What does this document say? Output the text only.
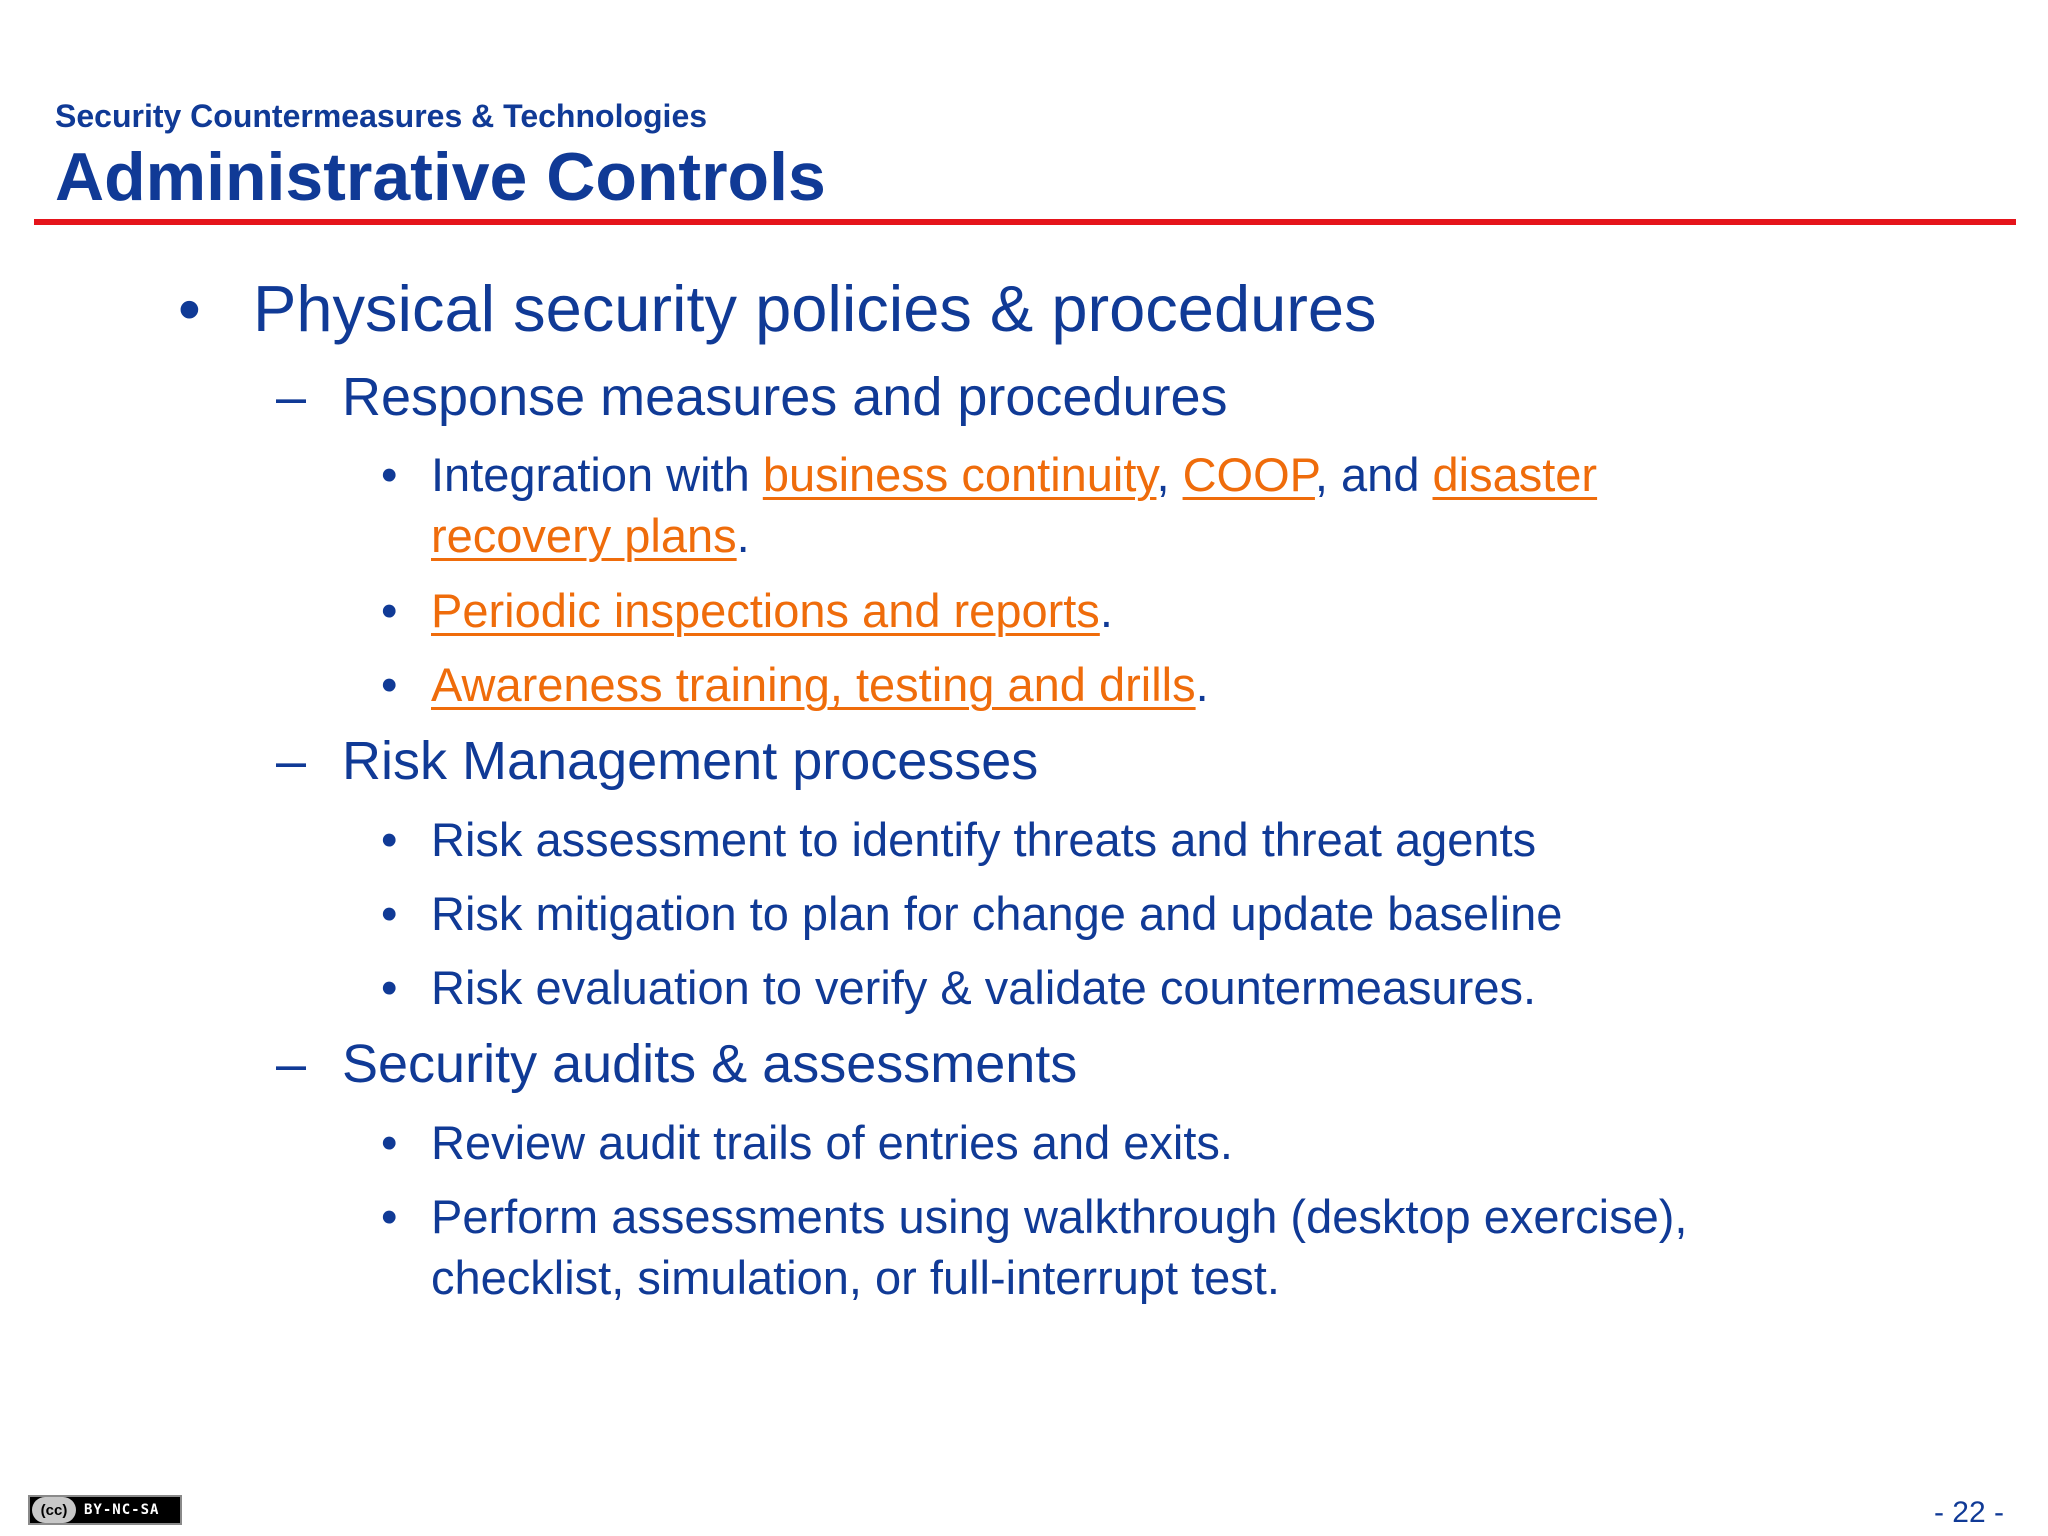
Security Countermeasures & Technologies
Administrative Controls
• Physical security policies & procedures
– Response measures and procedures
• Integration with business continuity, COOP, and disaster
recovery plans.
• Periodic inspections and reports.
• Awareness training, testing and drills.
– Risk Management processes
• Risk assessment to identify threats and threat agents
• Risk mitigation to plan for change and update baseline
• Risk evaluation to verify & validate countermeasures.
– Security audits & assessments
• Review audit trails of entries and exits.
• Perform assessments using walkthrough (desktop exercise),
checklist, simulation, or full-interrupt test.
(cc)	BY-NC-SA	- 22 -
